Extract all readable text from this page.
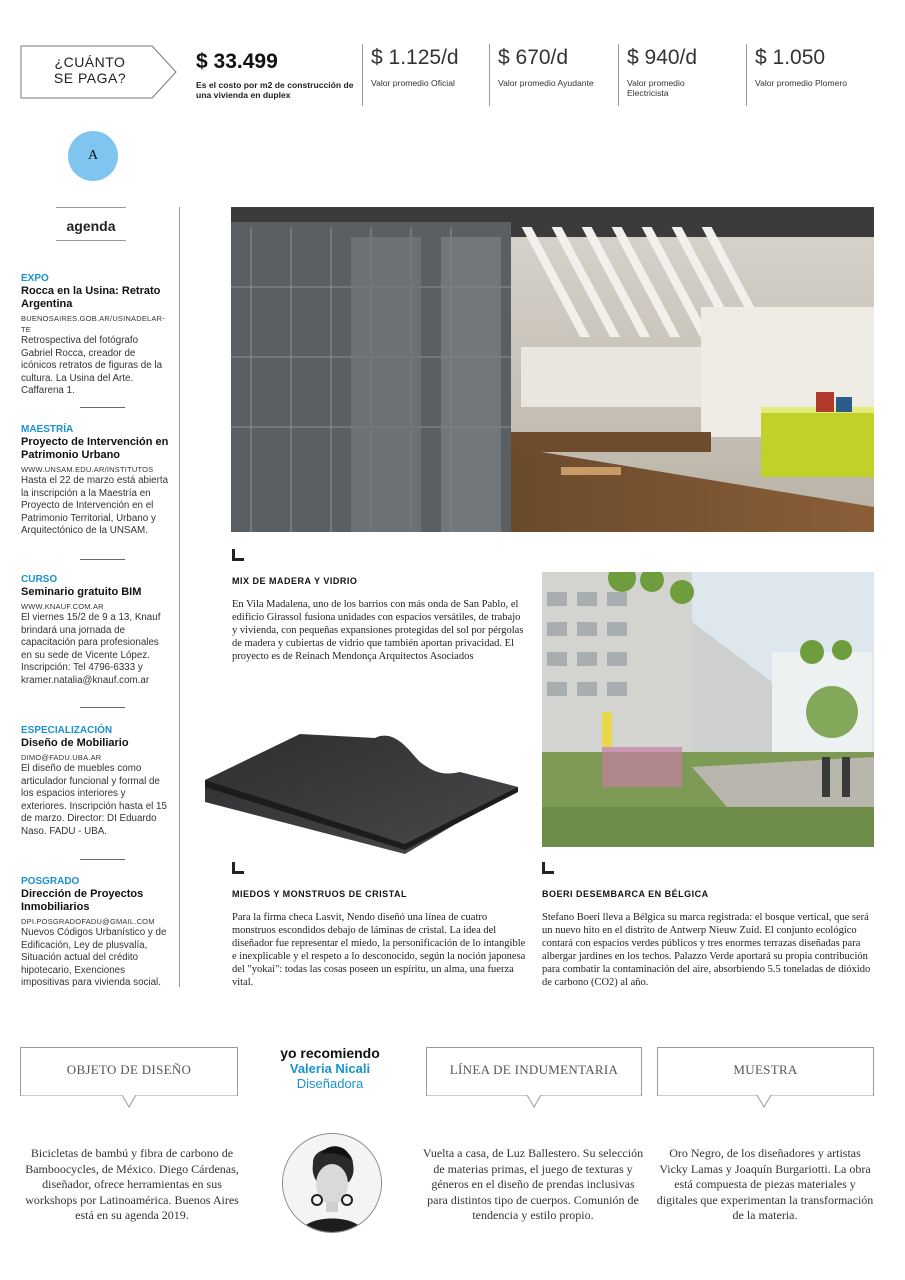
¿CUÁNTO
SE PAGA?
$ 33.499
Es el costo por m2 de construcción de una vivienda en duplex
$ 1.125/d
Valor promedio Oficial
$ 670/d
Valor promedio Ayudante
$ 940/d
Valor promedio Electricista
$ 1.050
Valor promedio Plomero
A
agenda
EXPO
Rocca en la Usina: Retrato Argentina
BUENOSAIRES.GOB.AR/USINADELAR-TE
Retrospectiva del fotógrafo Gabriel Rocca, creador de icónicos retratos de figuras de la cultura. La Usina del Arte. Caffarena 1.
MAESTRÍA
Proyecto de Intervención en Patrimonio Urbano
WWW.UNSAM.EDU.AR/INSTITUTOS
Hasta el 22 de marzo está abierta la inscripción a la Maestría en Proyecto de Intervención en el Patrimonio Territorial, Urbano y Arquitectónico de la UNSAM.
CURSO
Seminario gratuito BIM
WWW.KNAUF.COM.AR
El viernes 15/2 de 9 a 13, Knauf brindará una jornada de capacitación para profesionales en su sede de Vicente López. Inscripción: Tel 4796-6333 y kramer.natalia@knauf.com.ar
ESPECIALIZACIÓN
Diseño de Mobiliario
DIMO@FADU.UBA.AR
El diseño de muebles como articulador funcional y formal de los espacios interiores y exteriores. Inscripción hasta el 15 de marzo. Director: DI Eduardo Naso. FADU - UBA.
POSGRADO
Dirección de Proyectos Inmobiliarios
DPI.POSGRADOFADU@GMAIL.COM
Nuevos Códigos Urbanístico y de Edificación, Ley de plusvalía, Situación actual del crédito hipotecario, Exenciones impositivas para vivienda social.
MIX DE MADERA Y VIDRIO
En Vila Madalena, uno de los barrios con más onda de San Pablo, el edificio Girassol fusiona unidades con espacios versátiles, de trabajo y vivienda, con pequeñas expansiones protegidas del sol por pérgolas de madera y cubiertas de vidrio que también aportan privacidad. El proyecto es de Reinach Mendonça Arquitectos Asociados
MIEDOS Y MONSTRUOS DE CRISTAL
Para la firma checa Lasvit, Nendo diseñó una línea de cuatro monstruos escondidos debajo de láminas de cristal. La idea del diseñador fue representar el miedo, la personificación de lo intangible e inexplicable y el respeto a lo desconocido, según la noción japonesa del "yokai": todas las cosas poseen un espíritu, un alma, una fuerza vital.
BOERI DESEMBARCA EN BÉLGICA
Stefano Boeri lleva a Bélgica su marca registrada: el bosque vertical, que será un nuevo hito en el distrito de Antwerp Nieuw Zuid. El conjunto ecológico contará con espacios verdes públicos y tres enormes terrazas diseñadas para albergar jardines en los techos. Palazzo Verde aportará su propia contribución para combatir la contaminación del aire, absorbiendo 5.5 toneladas de dióxido de carbono (CO2) al año.
OBJETO DE DISEÑO
Bicicletas de bambú y fibra de carbono de Bamboocycles, de México. Diego Cárdenas, diseñador, ofrece herramientas en sus workshops por Latinoamérica. Buenos Aires está en su agenda 2019.
yo recomiendo
Valeria Nicali
Diseñadora
LÍNEA DE INDUMENTARIA
Vuelta a casa, de Luz Ballestero. Su selección de materias primas, el juego de texturas y géneros en el diseño de prendas inclusivas para distintos tipo de cuerpos. Comunión de tendencia y estilo propio.
MUESTRA
Oro Negro, de los diseñadores y artistas Vicky Lamas y Joaquín Burgariotti. La obra está compuesta de piezas materiales y digitales que experimentan la transformación de la materia.
